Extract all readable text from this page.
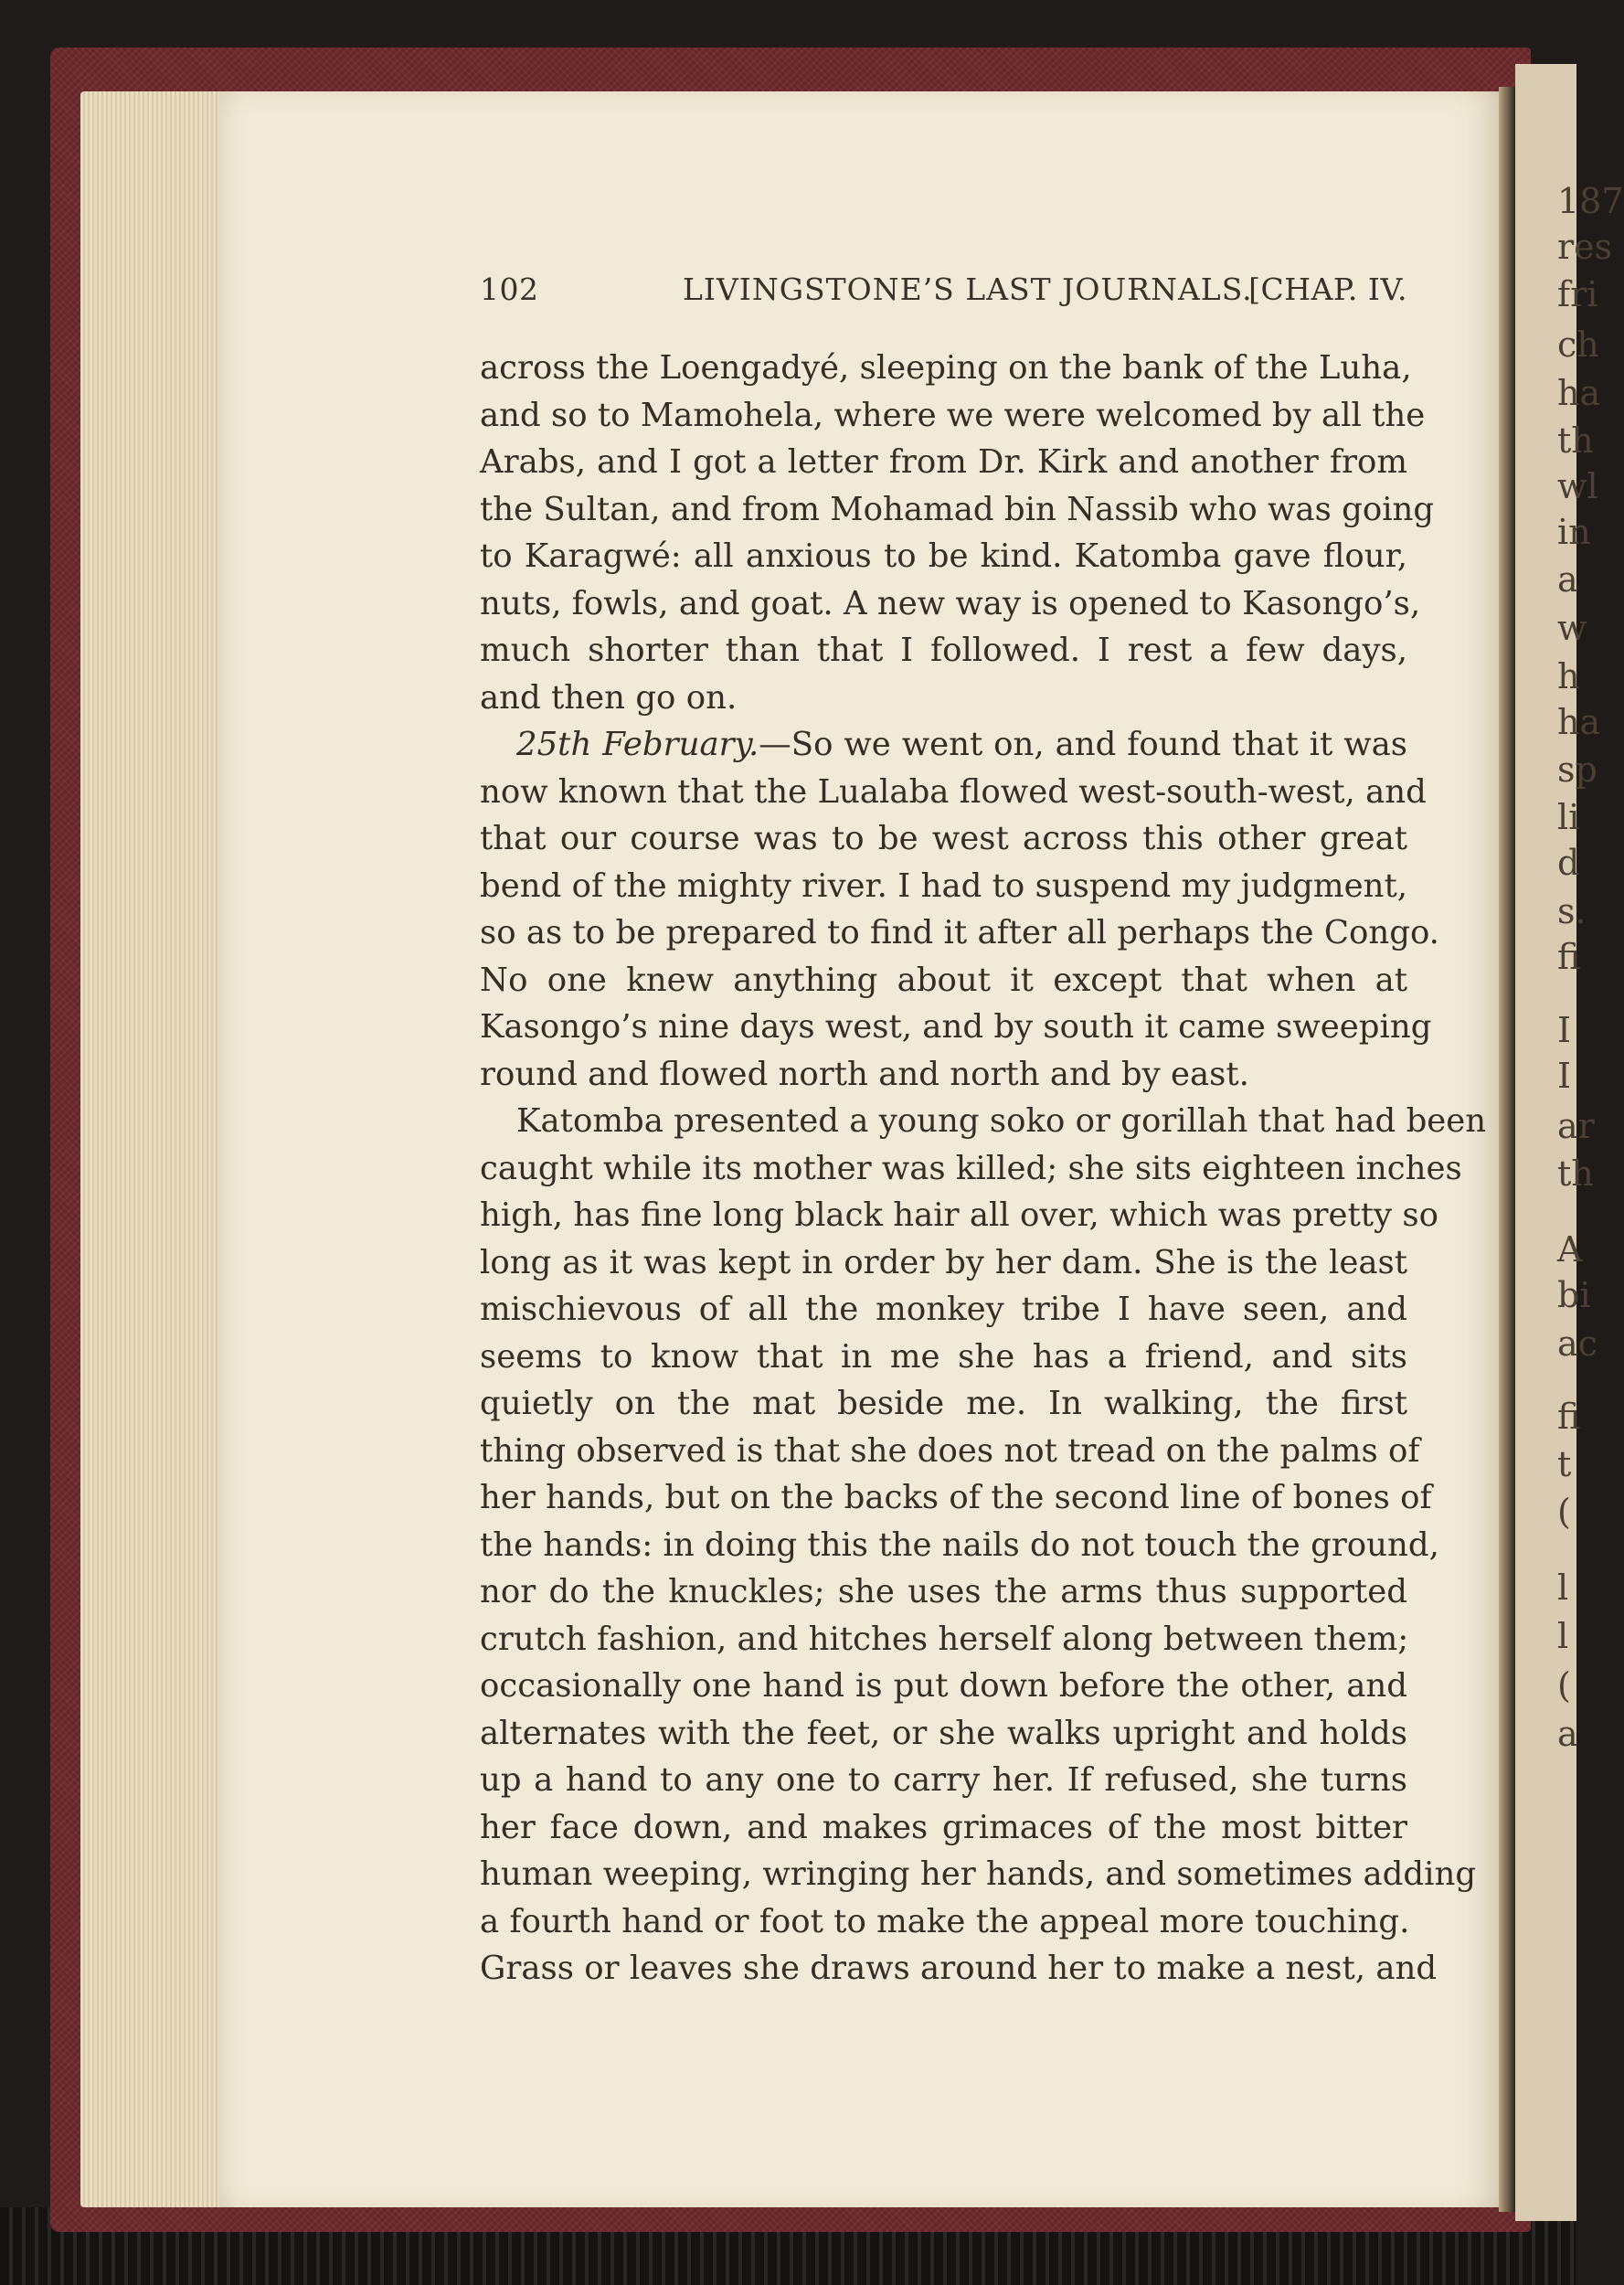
102	LIVINGSTONE’S LAST JOURNALS.
[CHAP. IV.
across the Loengadyé, sleeping on the bank of the Luha,
and so to Mamohela, where we were welcomed by all the
Arabs, and I got a letter from Dr. Kirk and another from
the Sultan, and from Mohamad bin Nassib who was going
to Karagwé: all anxious to be kind. Katomba gave flour,
nuts, fowls, and goat. A new way is opened to Kasongo’s,
much shorter than that I followed. I rest a few days,
and then go on.
25th February.—So we went on, and found that it was
now known that the Lualaba flowed west-south-west, and
that our course was to be west across this other great
bend of the mighty river. I had to suspend my judgment,
so as to be prepared to find it after all perhaps the Congo.
No one knew anything about it except that when at
Kasongo’s nine days west, and by south it came sweeping
round and flowed north and north and by east.
Katomba presented a young soko or gorillah that had been
caught while its mother was killed; she sits eighteen inches
high, has fine long black hair all over, which was pretty so
long as it was kept in order by her dam. She is the least
mischievous of all the monkey tribe I have seen, and
seems to know that in me she has a friend, and sits
quietly on the mat beside me. In walking, the first
thing observed is that she does not tread on the palms of
her hands, but on the backs of the second line of bones of
the hands: in doing this the nails do not touch the ground,
nor do the knuckles; she uses the arms thus supported
crutch fashion, and hitches herself along between them;
occasionally one hand is put down before the other, and
alternates with the feet, or she walks upright and holds
up a hand to any one to carry her. If refused, she turns
her face down, and makes grimaces of the most bitter
human weeping, wringing her hands, and sometimes adding
a fourth hand or foot to make the appeal more touching.
Grass or leaves she draws around her to make a nest, and
187
res
fri
ch
ha
th
wl
in
a
w
h
ha
sp
li
d
s.
fi
I
I
ar
th
A
bi
ac
fi
t
(
l
l
(
a
